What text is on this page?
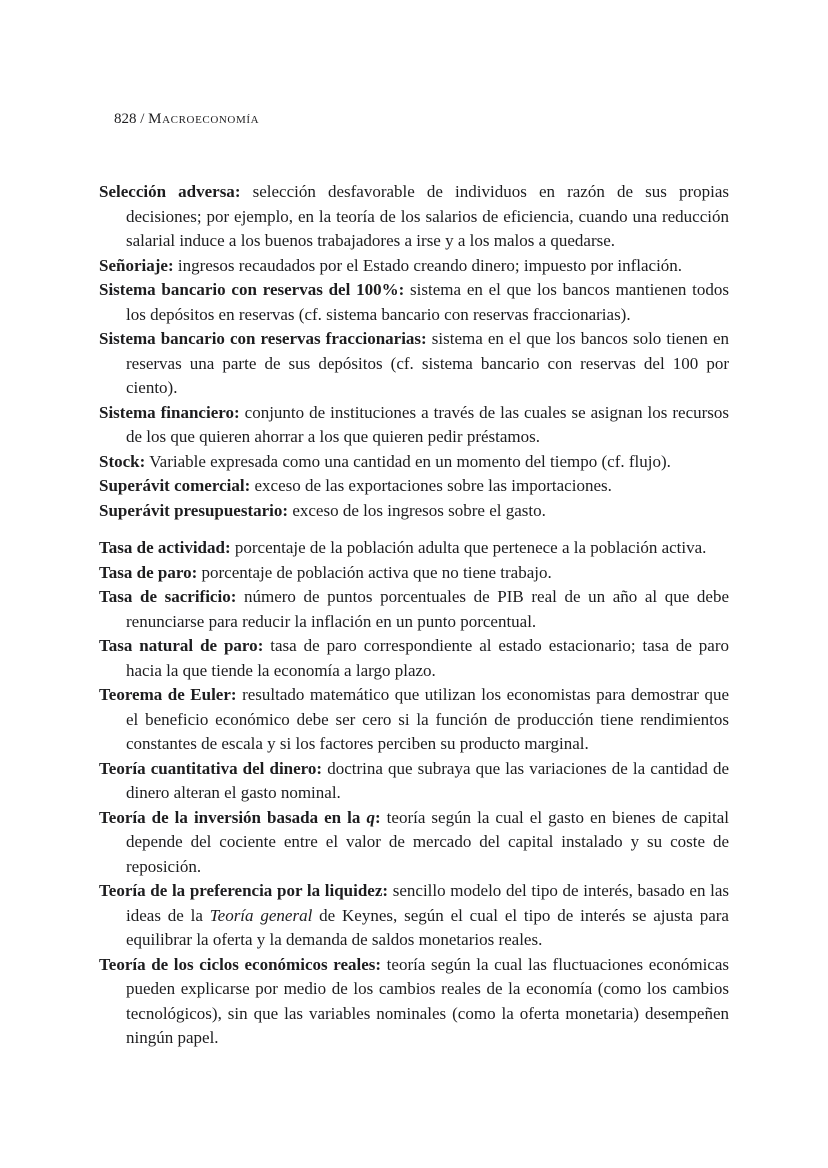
828 / Macroeconomía

Selección adversa: selección desfavorable de individuos en razón de sus propias decisiones; por ejemplo, en la teoría de los salarios de eficiencia, cuando una reducción salarial induce a los buenos trabajadores a irse y a los malos a quedarse.

Señoriaje: ingresos recaudados por el Estado creando dinero; impuesto por inflación.

Sistema bancario con reservas del 100%: sistema en el que los bancos mantienen todos los depósitos en reservas (cf. sistema bancario con reservas fraccionarias).

Sistema bancario con reservas fraccionarias: sistema en el que los bancos solo tienen en reservas una parte de sus depósitos (cf. sistema bancario con reservas del 100 por ciento).

Sistema financiero: conjunto de instituciones a través de las cuales se asignan los recursos de los que quieren ahorrar a los que quieren pedir préstamos.

Stock: Variable expresada como una cantidad en un momento del tiempo (cf. flujo).

Superávit comercial: exceso de las exportaciones sobre las importaciones.

Superávit presupuestario: exceso de los ingresos sobre el gasto.

Tasa de actividad: porcentaje de la población adulta que pertenece a la población activa.

Tasa de paro: porcentaje de población activa que no tiene trabajo.

Tasa de sacrificio: número de puntos porcentuales de PIB real de un año al que debe renunciarse para reducir la inflación en un punto porcentual.

Tasa natural de paro: tasa de paro correspondiente al estado estacionario; tasa de paro hacia la que tiende la economía a largo plazo.

Teorema de Euler: resultado matemático que utilizan los economistas para demostrar que el beneficio económico debe ser cero si la función de producción tiene rendimientos constantes de escala y si los factores perciben su producto marginal.

Teoría cuantitativa del dinero: doctrina que subraya que las variaciones de la cantidad de dinero alteran el gasto nominal.

Teoría de la inversión basada en la q: teoría según la cual el gasto en bienes de capital depende del cociente entre el valor de mercado del capital instalado y su coste de reposición.

Teoría de la preferencia por la liquidez: sencillo modelo del tipo de interés, basado en las ideas de la Teoría general de Keynes, según el cual el tipo de interés se ajusta para equilibrar la oferta y la demanda de saldos monetarios reales.

Teoría de los ciclos económicos reales: teoría según la cual las fluctuaciones económicas pueden explicarse por medio de los cambios reales de la economía (como los cambios tecnológicos), sin que las variables nominales (como la oferta monetaria) desempeñen ningún papel.
